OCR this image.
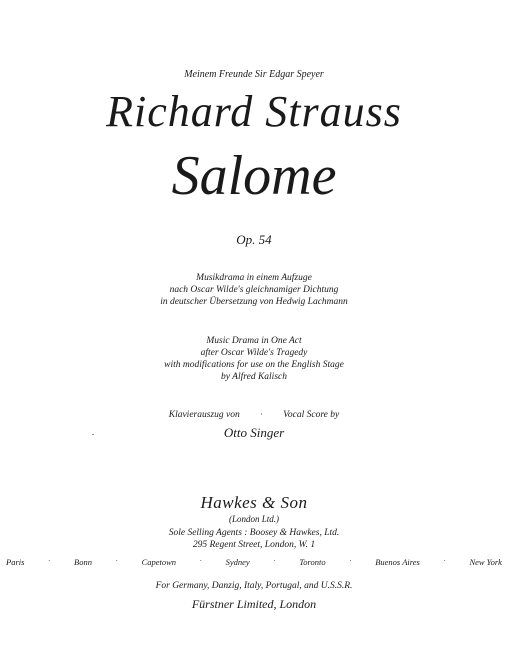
Meinem Freunde Sir Edgar Speyer
Richard Strauss
Salome
Op. 54
Musikdrama in einem Aufzuge
nach Oscar Wilde's gleichnamiger Dichtung
in deutscher Übersetzung von Hedwig Lachmann
Music Drama in One Act
after Oscar Wilde's Tragedy
with modifications for use on the English Stage
by Alfred Kalisch
Klavierauszug von	· Vocal Score by
-	Otto Singer
Hawkes & Son
(London Ltd.)
Sole Selling Agents : Boosey & Hawkes, Ltd.
295 Regent Street, London, W. 1
Paris	·	Bonn	·	Capetown	·	Sydney	·	Toronto	·	Buenos Aires	·	New York
For Germany, Danzig, Italy, Portugal, and U.S.S.R.
Fürstner Limited, London
